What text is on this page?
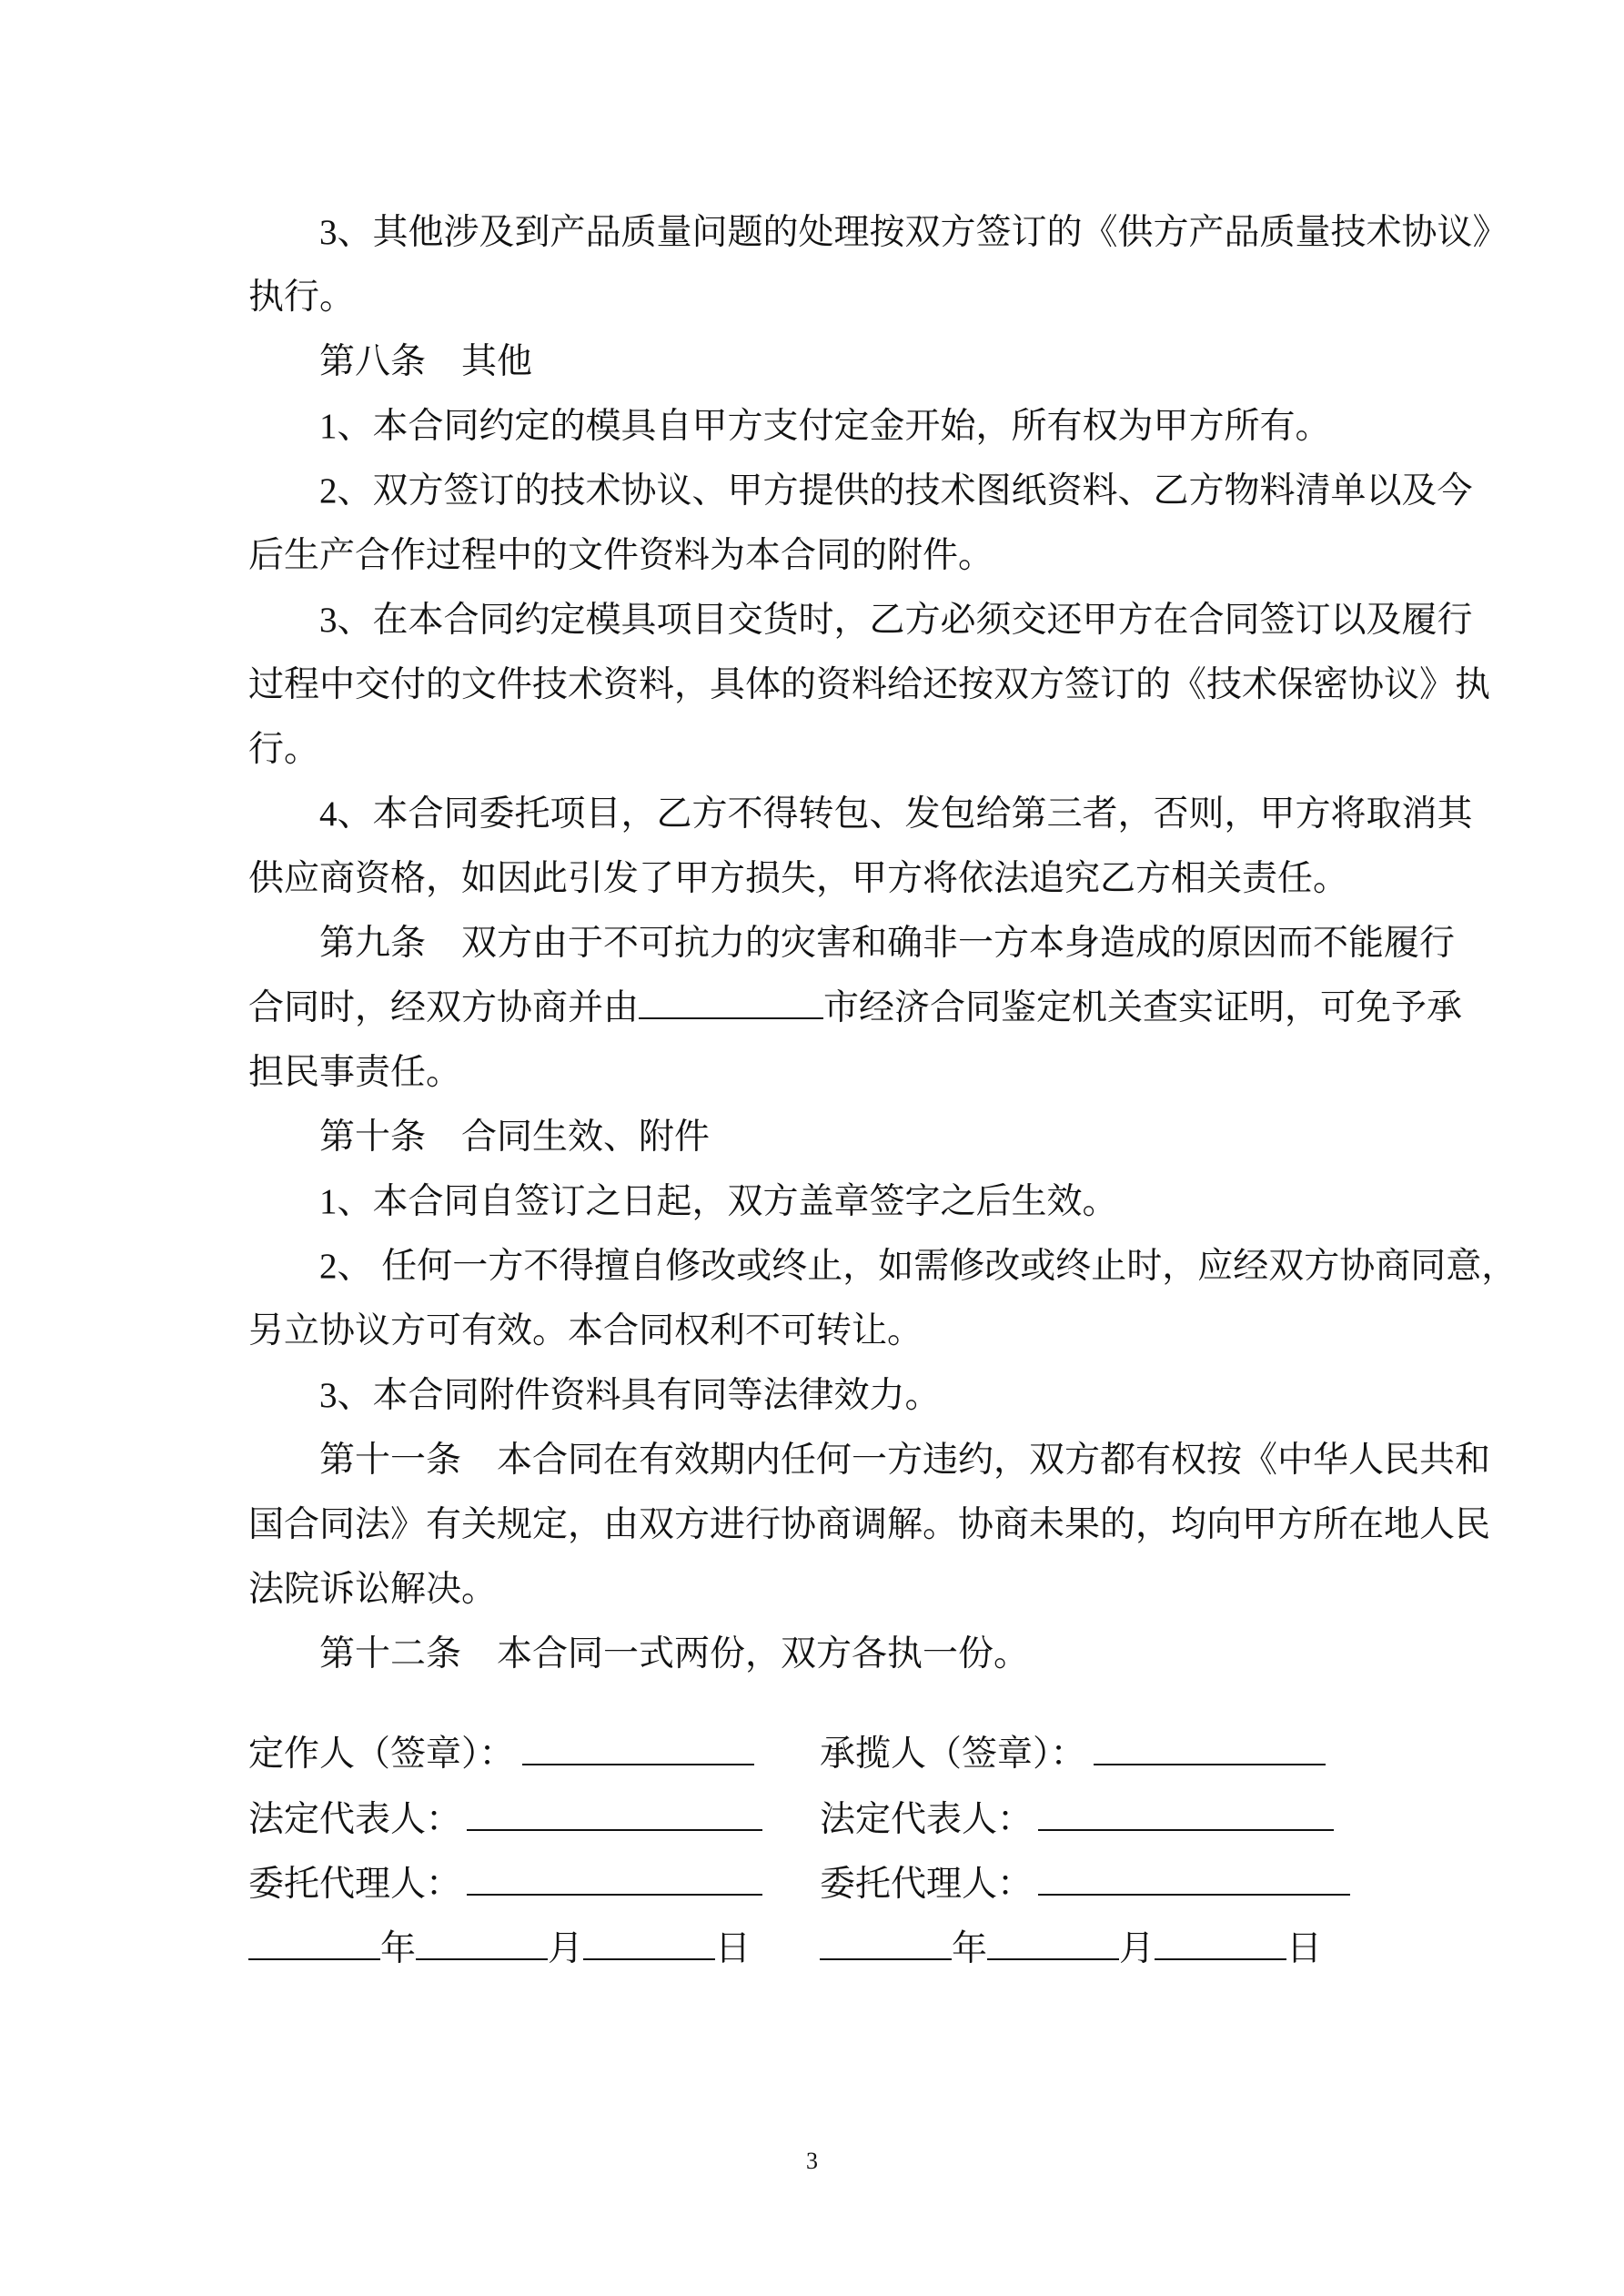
3、其他涉及到产品质量问题的处理按双方签订的《供方产品质量技术协议》
执行。
第八条　其他
1、本合同约定的模具自甲方支付定金开始，所有权为甲方所有。
2、双方签订的技术协议、甲方提供的技术图纸资料、乙方物料清单以及今
后生产合作过程中的文件资料为本合同的附件。
3、在本合同约定模具项目交货时，乙方必须交还甲方在合同签订以及履行
过程中交付的文件技术资料，具体的资料给还按双方签订的《技术保密协议》执
行。
4、本合同委托项目，乙方不得转包、发包给第三者，否则，甲方将取消其
供应商资格，如因此引发了甲方损失，甲方将依法追究乙方相关责任。
第九条　双方由于不可抗力的灾害和确非一方本身造成的原因而不能履行
合同时，经双方协商并由	市经济合同鉴定机关查实证明，可免予承
担民事责任。
第十条　合同生效、附件
1、本合同自签订之日起，双方盖章签字之后生效。
2、 任何一方不得擅自修改或终止，如需修改或终止时，应经双方协商同意，
另立协议方可有效。本合同权利不可转让。
3、本合同附件资料具有同等法律效力。
第十一条　本合同在有效期内任何一方违约，双方都有权按《中华人民共和
国合同法》有关规定，由双方进行协商调解。协商未果的，均向甲方所在地人民
法院诉讼解决。
第十二条　本合同一式两份，双方各执一份。
定作人（签章）：
法定代表人：
委托代理人：
年	月	日
承揽人（签章）：
法定代表人：
委托代理人：
年	月	日
3
